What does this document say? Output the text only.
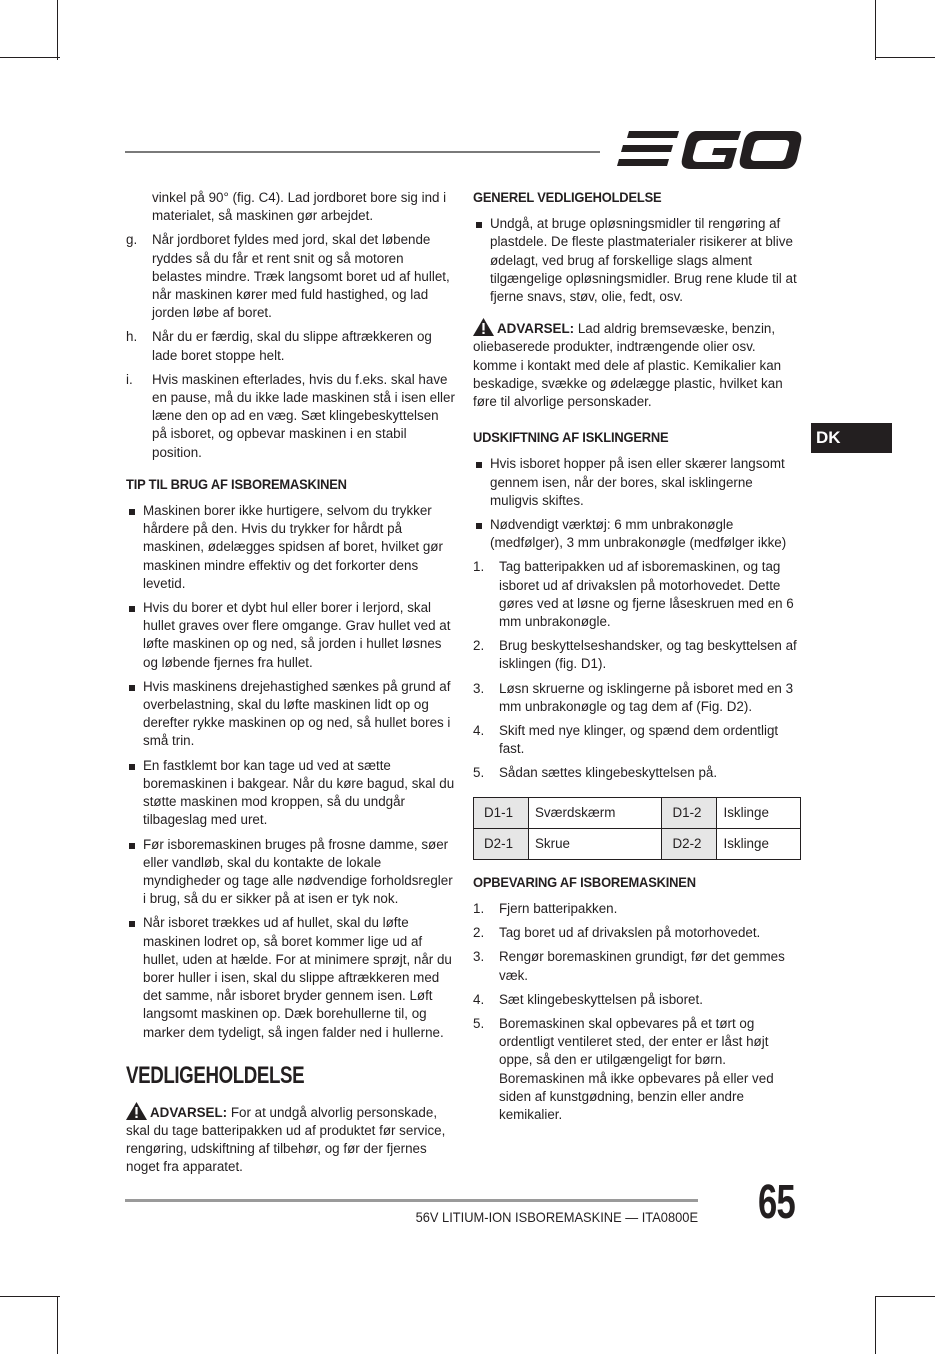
DK

vinkel på 90° (fig. C4). Lad jordboret bore sig ind i materialet, så maskinen gør arbejdet.

g. Når jordboret fyldes med jord, skal det løbende ryddes så du får et rent snit og så motoren belastes mindre. Træk langsomt boret ud af hullet, når maskinen kører med fuld hastighed, og lad jorden løbe af boret.
h. Når du er færdig, skal du slippe aftrækkeren og lade boret stoppe helt.
i. Hvis maskinen efterlades, hvis du f.eks. skal have en pause, må du ikke lade maskinen stå i isen eller læne den op ad en væg. Sæt klingebeskyttelsen på isboret, og opbevar maskinen i en stabil position.
TIP TIL BRUG AF ISBOREMASKINEN
Maskinen borer ikke hurtigere, selvom du trykker hårdere på den. Hvis du trykker for hårdt på maskinen, ødelægges spidsen af boret, hvilket gør maskinen mindre effektiv og det forkorter dens levetid.
Hvis du borer et dybt hul eller borer i lerjord, skal hullet graves over flere omgange. Grav hullet ved at løfte maskinen op og ned, så jorden i hullet løsnes og løbende fjernes fra hullet.
Hvis maskinens drejehastighed sænkes på grund af overbelastning, skal du løfte maskinen lidt op og derefter rykke maskinen op og ned, så hullet bores i små trin.
En fastklemt bor kan tage ud ved at sætte boremaskinen i bakgear. Når du køre bagud, skal du støtte maskinen mod kroppen, så du undgår tilbageslag med uret.
Før isboremaskinen bruges på frosne damme, søer eller vandløb, skal du kontakte de lokale myndigheder og tage alle nødvendige forholdsregler i brug, så du er sikker på at isen er tyk nok.
Når isboret trækkes ud af hullet, skal du løfte maskinen lodret op, så boret kommer lige ud af hullet, uden at hælde. For at minimere sprøjt, når du borer huller i isen, skal du slippe aftrækkeren med det samme, når isboret bryder gennem isen. Løft langsomt maskinen op. Dæk borehullerne til, og marker dem tydeligt, så ingen falder ned i hullerne.
VEDLIGEHOLDELSE

ADVARSEL: For at undgå alvorlig personskade, skal du tage batteripakken ud af produktet før service, rengøring, udskiftning af tilbehør, og før der fjernes noget fra apparatet.

GENEREL VEDLIGEHOLDELSE
Undgå, at bruge opløsningsmidler til rengøring af plastdele. De fleste plastmaterialer risikerer at blive ødelagt, ved brug af forskellige slags alment tilgængelige opløsningsmidler. Brug rene klude til at fjerne snavs, støv, olie, fedt, osv.

ADVARSEL: Lad aldrig bremsevæske, benzin, oliebaserede produkter, indtrængende olier osv. komme i kontakt med dele af plastic. Kemikalier kan beskadige, svække og ødelægge plastic, hvilket kan føre til alvorlige personskader.

UDSKIFTNING AF ISKLINGERNE
Hvis isboret hopper på isen eller skærer langsomt gennem isen, når der bores, skal isklingerne muligvis skiftes.
Nødvendigt værktøj: 6 mm unbrakonøgle (medfølger), 3 mm unbrakonøgle (medfølger ikke)
1. Tag batteripakken ud af isboremaskinen, og tag isboret ud af drivakslen på motorhovedet. Dette gøres ved at løsne og fjerne låseskruen med en 6 mm unbrakonøgle.
2. Brug beskyttelseshandsker, og tag beskyttelsen af isklingen (fig. D1).
3. Løsn skruerne og isklingerne på isboret med en 3 mm unbrakonøgle og tag dem af (Fig. D2).
4. Skift med nye klinger, og spænd dem ordentligt fast.
5. Sådan sættes klingebeskyttelsen på.
D1-1	Sværdskærm	D1-2	Isklinge
D2-1	Skrue	D2-2	Isklinge
OPBEVARING AF ISBOREMASKINEN
1. Fjern batteripakken.
2. Tag boret ud af drivakslen på motorhovedet.
3. Rengør boremaskinen grundigt, før det gemmes væk.
4. Sæt klingebeskyttelsen på isboret.
5. Boremaskinen skal opbevares på et tørt og ordentligt ventileret sted, der enter er låst højt oppe, så den er utilgængeligt for børn. Boremaskinen må ikke opbevares på eller ved siden af kunstgødning, benzin eller andre kemikalier.
56V LITIUM-ION ISBOREMASKINE — ITA0800E 65
